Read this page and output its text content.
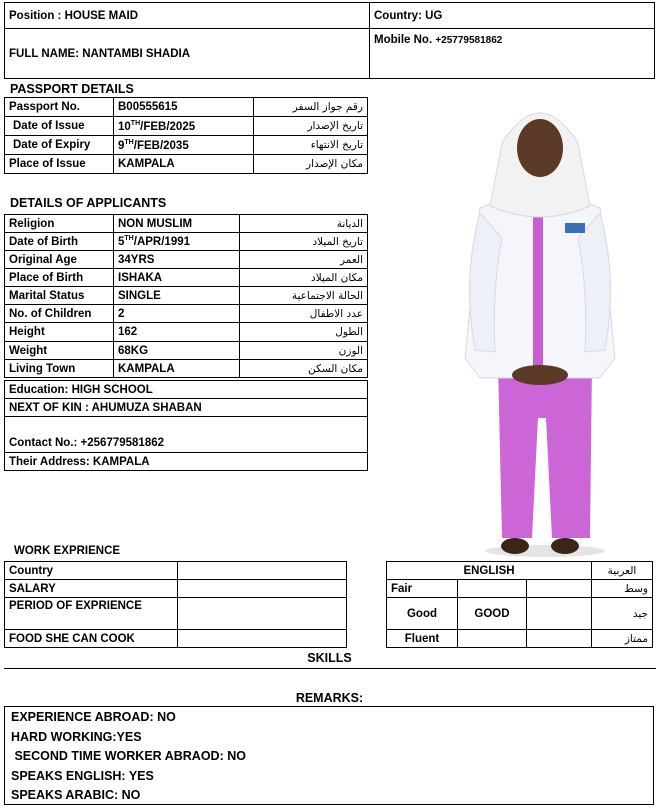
Position : HOUSE MAID	Country: UG
FULL NAME: NANTAMBI SHADIA	Mobile No. +25779581862
PASSPORT DETAILS
Passport No.	B00555615	رقم جواز السفر
Date of Issue	10TH/FEB/2025	تاريخ الإصدار
Date of Expiry	9TH/FEB/2035	تاريخ الانتهاء
Place of Issue	KAMPALA	مكان الإصدار
DETAILS OF APPLICANTS
Religion	NON MUSLIM	الديانة
Date of Birth	5TH/APR/1991	تاريخ الميلاد
Original Age	34YRS	العمر
Place of Birth	ISHAKA	مكان الميلاد
Marital Status	SINGLE	الحالة الاجتماعية
No. of Children	2	عدد الاطفال
Height	162	الطول
Weight	68KG	الوزن
Living Town	KAMPALA	مكان السكن
Education: HIGH SCHOOL
NEXT OF KIN : AHUMUZA SHABAN
Contact No.: +256779581862
Their Address: KAMPALA
WORK EXPRIENCE
Country	
SALARY	
PERIOD OF EXPRIENCE	
FOOD SHE CAN COOK	
ENGLISH			العربية
Fair			وسط
Good	GOOD		جيد
Fluent			ممتاز
SKILLS
REMARKS:
EXPERIENCE ABROAD: NO
HARD WORKING:YES
SECOND TIME WORKER ABRAOD: NO
SPEAKS ENGLISH: YES
SPEAKS ARABIC: NO
